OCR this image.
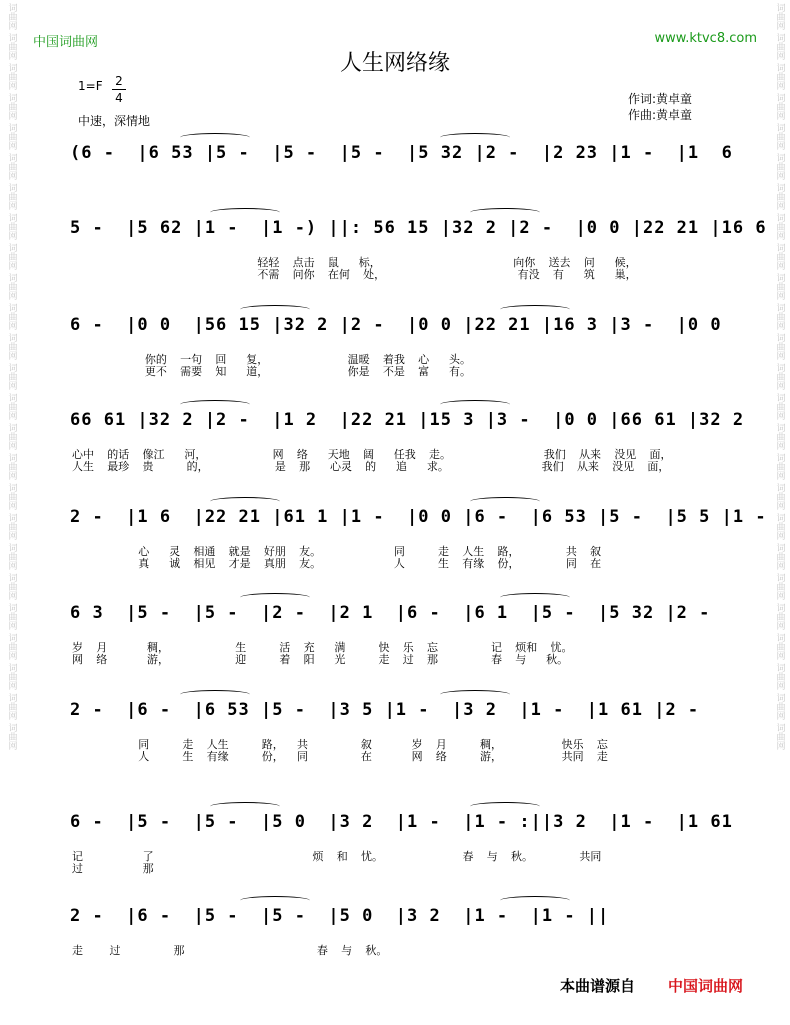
词曲网
词曲网
词曲网
词曲网
词曲网
词曲网
词曲网
词曲网
词曲网
词曲网
词曲网
词曲网
词曲网
词曲网
词曲网
词曲网
词曲网
词曲网
词曲网
词曲网
词曲网
词曲网
词曲网
词曲网
词曲网
词曲网
词曲网
词曲网
词曲网
词曲网
词曲网
词曲网
词曲网
词曲网
词曲网
词曲网
词曲网
词曲网
词曲网
词曲网
词曲网
词曲网
词曲网
词曲网
词曲网
词曲网
词曲网
词曲网
词曲网
词曲网
中国词曲网	www.ktvc8.com
人生网络缘
1=F 2
4
中速，深情地
作词:黄卓童
作曲:黄卓童
(6 -  |6 53 |5 -  |5 -  |5 -  |5 32 |2 -  |2 23 |1 -  |1  6
5 -  |5 62 |1 -  |1 -) ||: 56 15 |32 2 |2 -  |0 0 |22 21 |16 6
轻轻  点击  鼠   标，                    向你  送去  问   候，
不需  问你  在何  处，                    有没  有   筑   巢，
6 -  |0 0  |56 15 |32 2 |2 -  |0 0 |22 21 |16 3 |3 -  |0 0
你的  一句  回   复，            温暖  着我  心   头。
更不  需要  知   道，            你是  不是  富   有。
66 61 |32 2 |2 -  |1 2  |22 21 |15 3 |3 -  |0 0 |66 61 |32 2
心中  的话  像江   河，          网  络   天地  阔   任我  走。              我们  从来  没见  面，
人生  最珍  贵     的，          是  那   心灵  的   追   求。              我们  从来  没见  面，
2 -  |1 6  |22 21 |61 1 |1 -  |0 0 |6 -  |6 53 |5 -  |5 5 |1 -
心   灵  相通  就是  好朋  友。           同     走  人生  路，       共  叙
真   诚  相见  才是  真朋  友。           人     生  有缘  份，       同  在
6 3  |5 -  |5 -  |2 -  |2 1  |6 -  |6 1  |5 -  |5 32 |2 -
岁  月      稠，          生     活  充   满     快  乐  忘        记  烦和  忧。
网  络      游，          迎     着  阳   光     走  过  那        春  与   秋。
2 -  |6 -  |6 53 |5 -  |3 5 |1 -  |3 2  |1 -  |1 61 |2 -
同     走  人生     路，  共        叙      岁  月     稠，         快乐  忘
人     生  有缘     份，  同        在      网  络     游，         共同  走
6 -  |5 -  |5 -  |5 0  |3 2  |1 -  |1 - :||3 2  |1 -  |1 61
记         了                        烦  和  忧。            春  与  秋。       共同
过         那
2 -  |6 -  |5 -  |5 -  |5 0  |3 2  |1 -  |1 - ||
走    过        那                    春  与  秋。
本曲谱源自 中国词曲网
